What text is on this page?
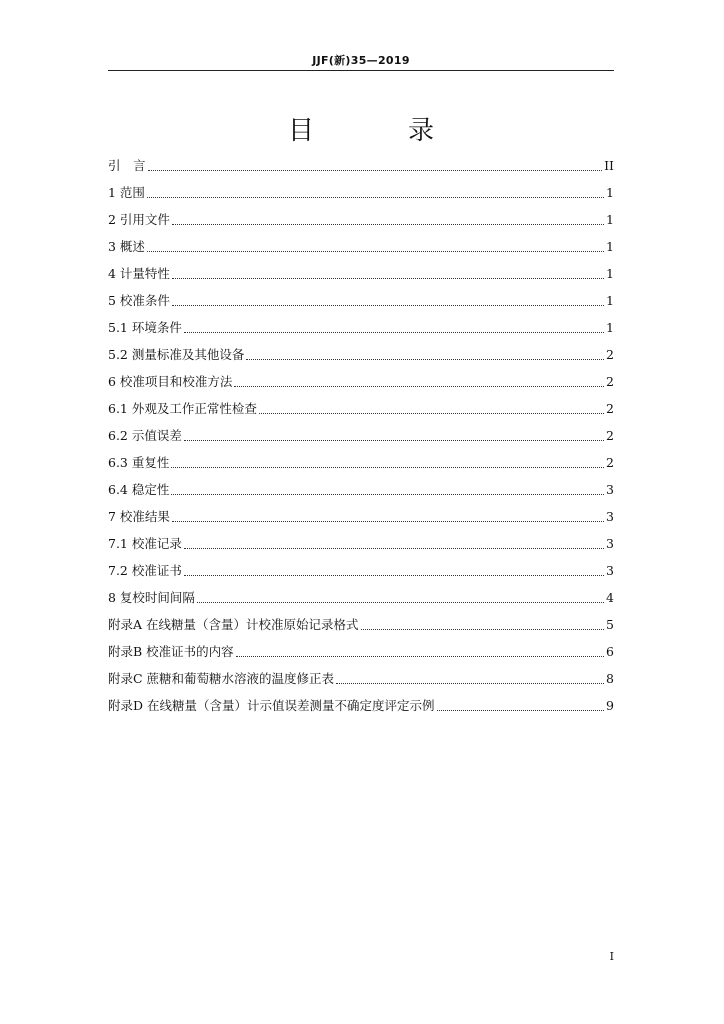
JJF(新)35—2019
目　录
引　言	II
1 范围	1
2 引用文件	1
3 概述	1
4 计量特性	1
5 校准条件	1
5.1 环境条件	1
5.2 测量标准及其他设备	2
6 校准项目和校准方法	2
6.1 外观及工作正常性检查	2
6.2 示值误差	2
6.3 重复性	2
6.4 稳定性	3
7 校准结果	3
7.1 校准记录	3
7.2 校准证书	3
8 复校时间间隔	4
附录A 在线糖量（含量）计校准原始记录格式	5
附录B 校准证书的内容	6
附录C 蔗糖和葡萄糖水溶液的温度修正表	8
附录D 在线糖量（含量）计示值误差测量不确定度评定示例	9
I
